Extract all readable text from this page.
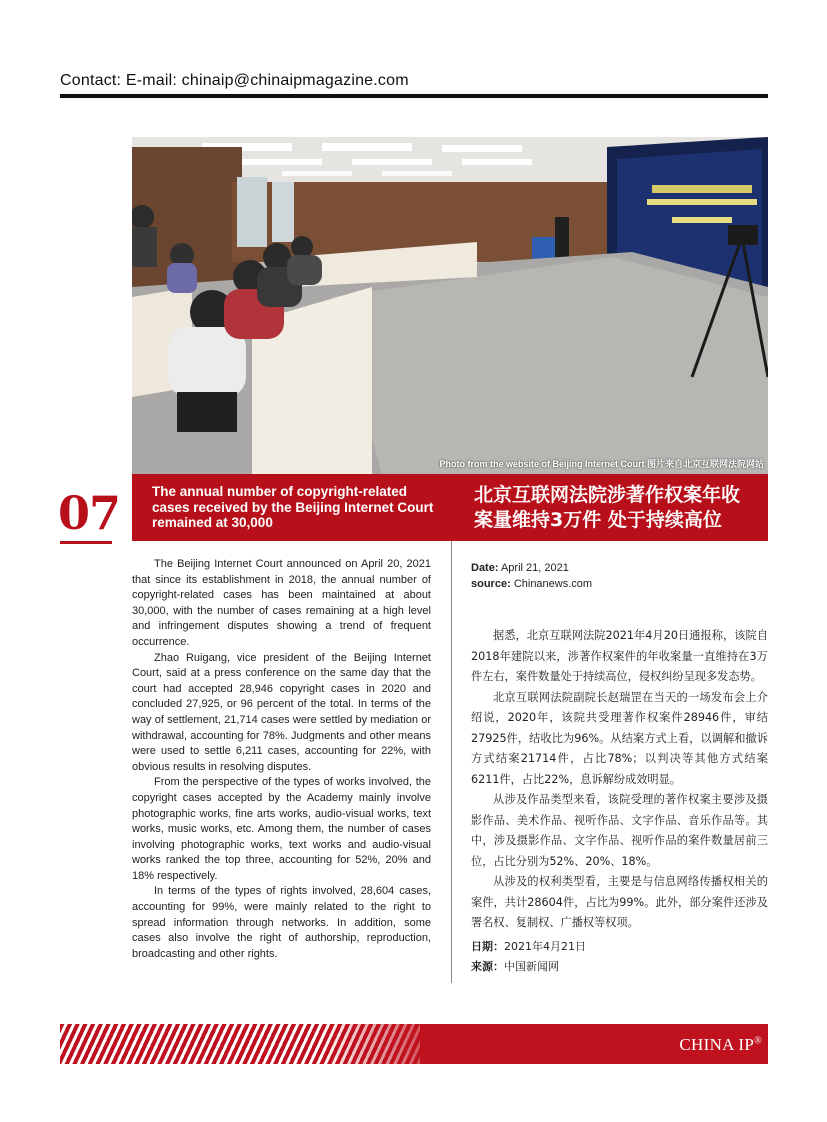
Contact: E-mail: chinaip@chinaipmagazine.com
Photo from the website of Beijing Internet Court 图片来自北京互联网法院网站
07 The annual number of copyright-related cases received by the Beijing Internet Court remained at 30,000
北京互联网法院涉著作权案年收
案量维持3万件 处于持续高位

The Beijing Internet Court announced on April 20, 2021 that since its establishment in 2018, the annual number of copyright-related cases has been maintained at about 30,000, with the number of cases remaining at a high level and infringement disputes showing a trend of frequent occurrence.

Zhao Ruigang, vice president of the Beijing Internet Court, said at a press conference on the same day that the court had accepted 28,946 copyright cases in 2020 and concluded 27,925, or 96 percent of the total. In terms of the way of settlement, 21,714 cases were settled by mediation or withdrawal, accounting for 78%. Judgments and other means were used to settle 6,211 cases, accounting for 22%, with obvious results in resolving disputes.

From the perspective of the types of works involved, the copyright cases accepted by the Academy mainly involve photographic works, fine arts works, audio-visual works, text works, music works, etc. Among them, the number of cases involving photographic works, text works and audio-visual works ranked the top three, accounting for 52%, 20% and 18% respectively.

In terms of the types of rights involved, 28,604 cases, accounting for 99%, were mainly related to the right to spread information through networks. In addition, some cases also involve the right of authorship, reproduction, broadcasting and other rights.

Date: April 21, 2021
source: Chinanews.com

据悉，北京互联网法院2021年4月20日通报称，该院自2018年建院以来，涉著作权案件的年收案量一直维持在3万件左右，案件数量处于持续高位，侵权纠纷呈现多发态势。

北京互联网法院副院长赵瑞罡在当天的一场发布会上介绍说，2020年，该院共受理著作权案件28946件，审结27925件，结收比为96%。从结案方式上看，以调解和撤诉方式结案21714件，占比78%；以判决等其他方式结案6211件，占比22%，息诉解纷成效明显。

从涉及作品类型来看，该院受理的著作权案主要涉及摄影作品、美术作品、视听作品、文字作品、音乐作品等。其中，涉及摄影作品、文字作品、视听作品的案件数量居前三位，占比分别为52%、20%、18%。

从涉及的权利类型看，主要是与信息网络传播权相关的案件，共计28604件，占比为99%。此外，部分案件还涉及署名权、复制权、广播权等权项。

日期：2021年4月21日
来源：中国新闻网
CHINA IP®
